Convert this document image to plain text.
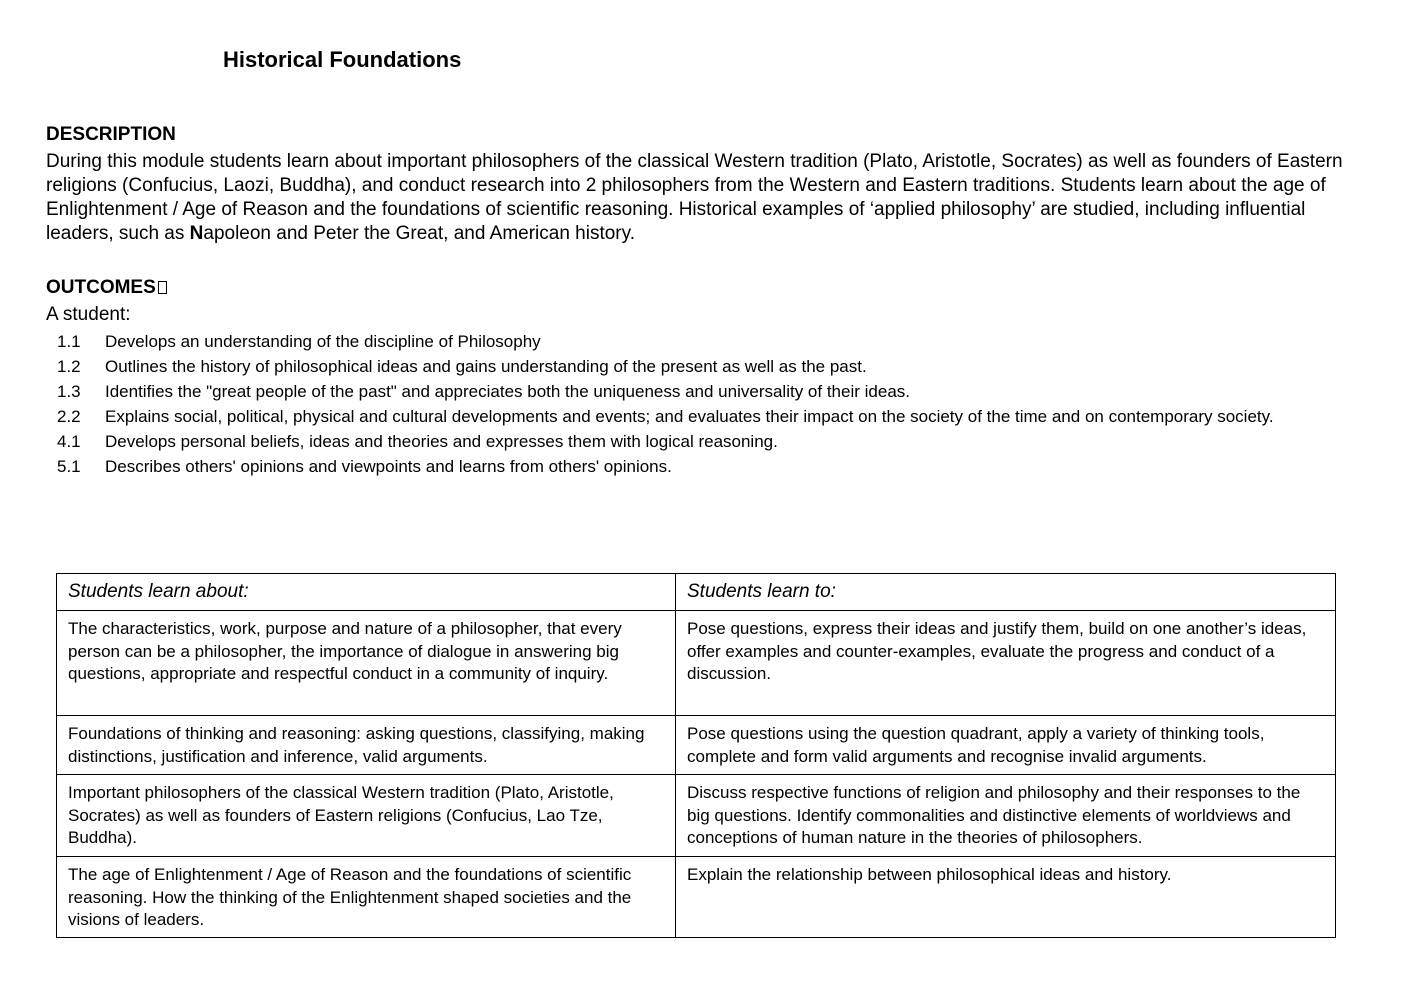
Historical Foundations
DESCRIPTION

During this module students learn about important philosophers of the classical Western tradition (Plato, Aristotle, Socrates) as well as founders of Eastern religions (Confucius, Laozi, Buddha), and conduct research into 2 philosophers from the Western and Eastern traditions. Students learn about the age of Enlightenment / Age of Reason and the foundations of scientific reasoning. Historical examples of ‘applied philosophy’ are studied, including influential leaders, such as Napoleon and Peter the Great, and American history.

OUTCOMES

A student:

1.1	Develops an understanding of the discipline of Philosophy
1.2	Outlines the history of philosophical ideas and gains understanding of the present as well as the past.
1.3	Identifies the "great people of the past" and appreciates both the uniqueness and universality of their ideas.
2.2	Explains social, political, physical and cultural developments and events; and evaluates their impact on the society of the time and on contemporary society.
4.1	Develops personal beliefs, ideas and theories and expresses them with logical reasoning.
5.1	Describes others' opinions and viewpoints and learns from others' opinions.
Students learn about:	Students learn to:
The characteristics, work, purpose and nature of a philosopher, that every person can be a philosopher, the importance of dialogue in answering big questions, appropriate and respectful conduct in a community of inquiry.	Pose questions, express their ideas and justify them, build on one another’s ideas, offer examples and counter-examples, evaluate the progress and conduct of a discussion.
Foundations of thinking and reasoning: asking questions, classifying, making distinctions, justification and inference, valid arguments.	Pose questions using the question quadrant, apply a variety of thinking tools, complete and form valid arguments and recognise invalid arguments.
Important philosophers of the classical Western tradition (Plato, Aristotle, Socrates) as well as founders of Eastern religions (Confucius, Lao Tze, Buddha).	Discuss respective functions of religion and philosophy and their responses to the big questions. Identify commonalities and distinctive elements of worldviews and conceptions of human nature in the theories of philosophers.
The age of Enlightenment / Age of Reason and the foundations of scientific reasoning. How the thinking of the Enlightenment shaped societies and the visions of leaders.	Explain the relationship between philosophical ideas and history.
